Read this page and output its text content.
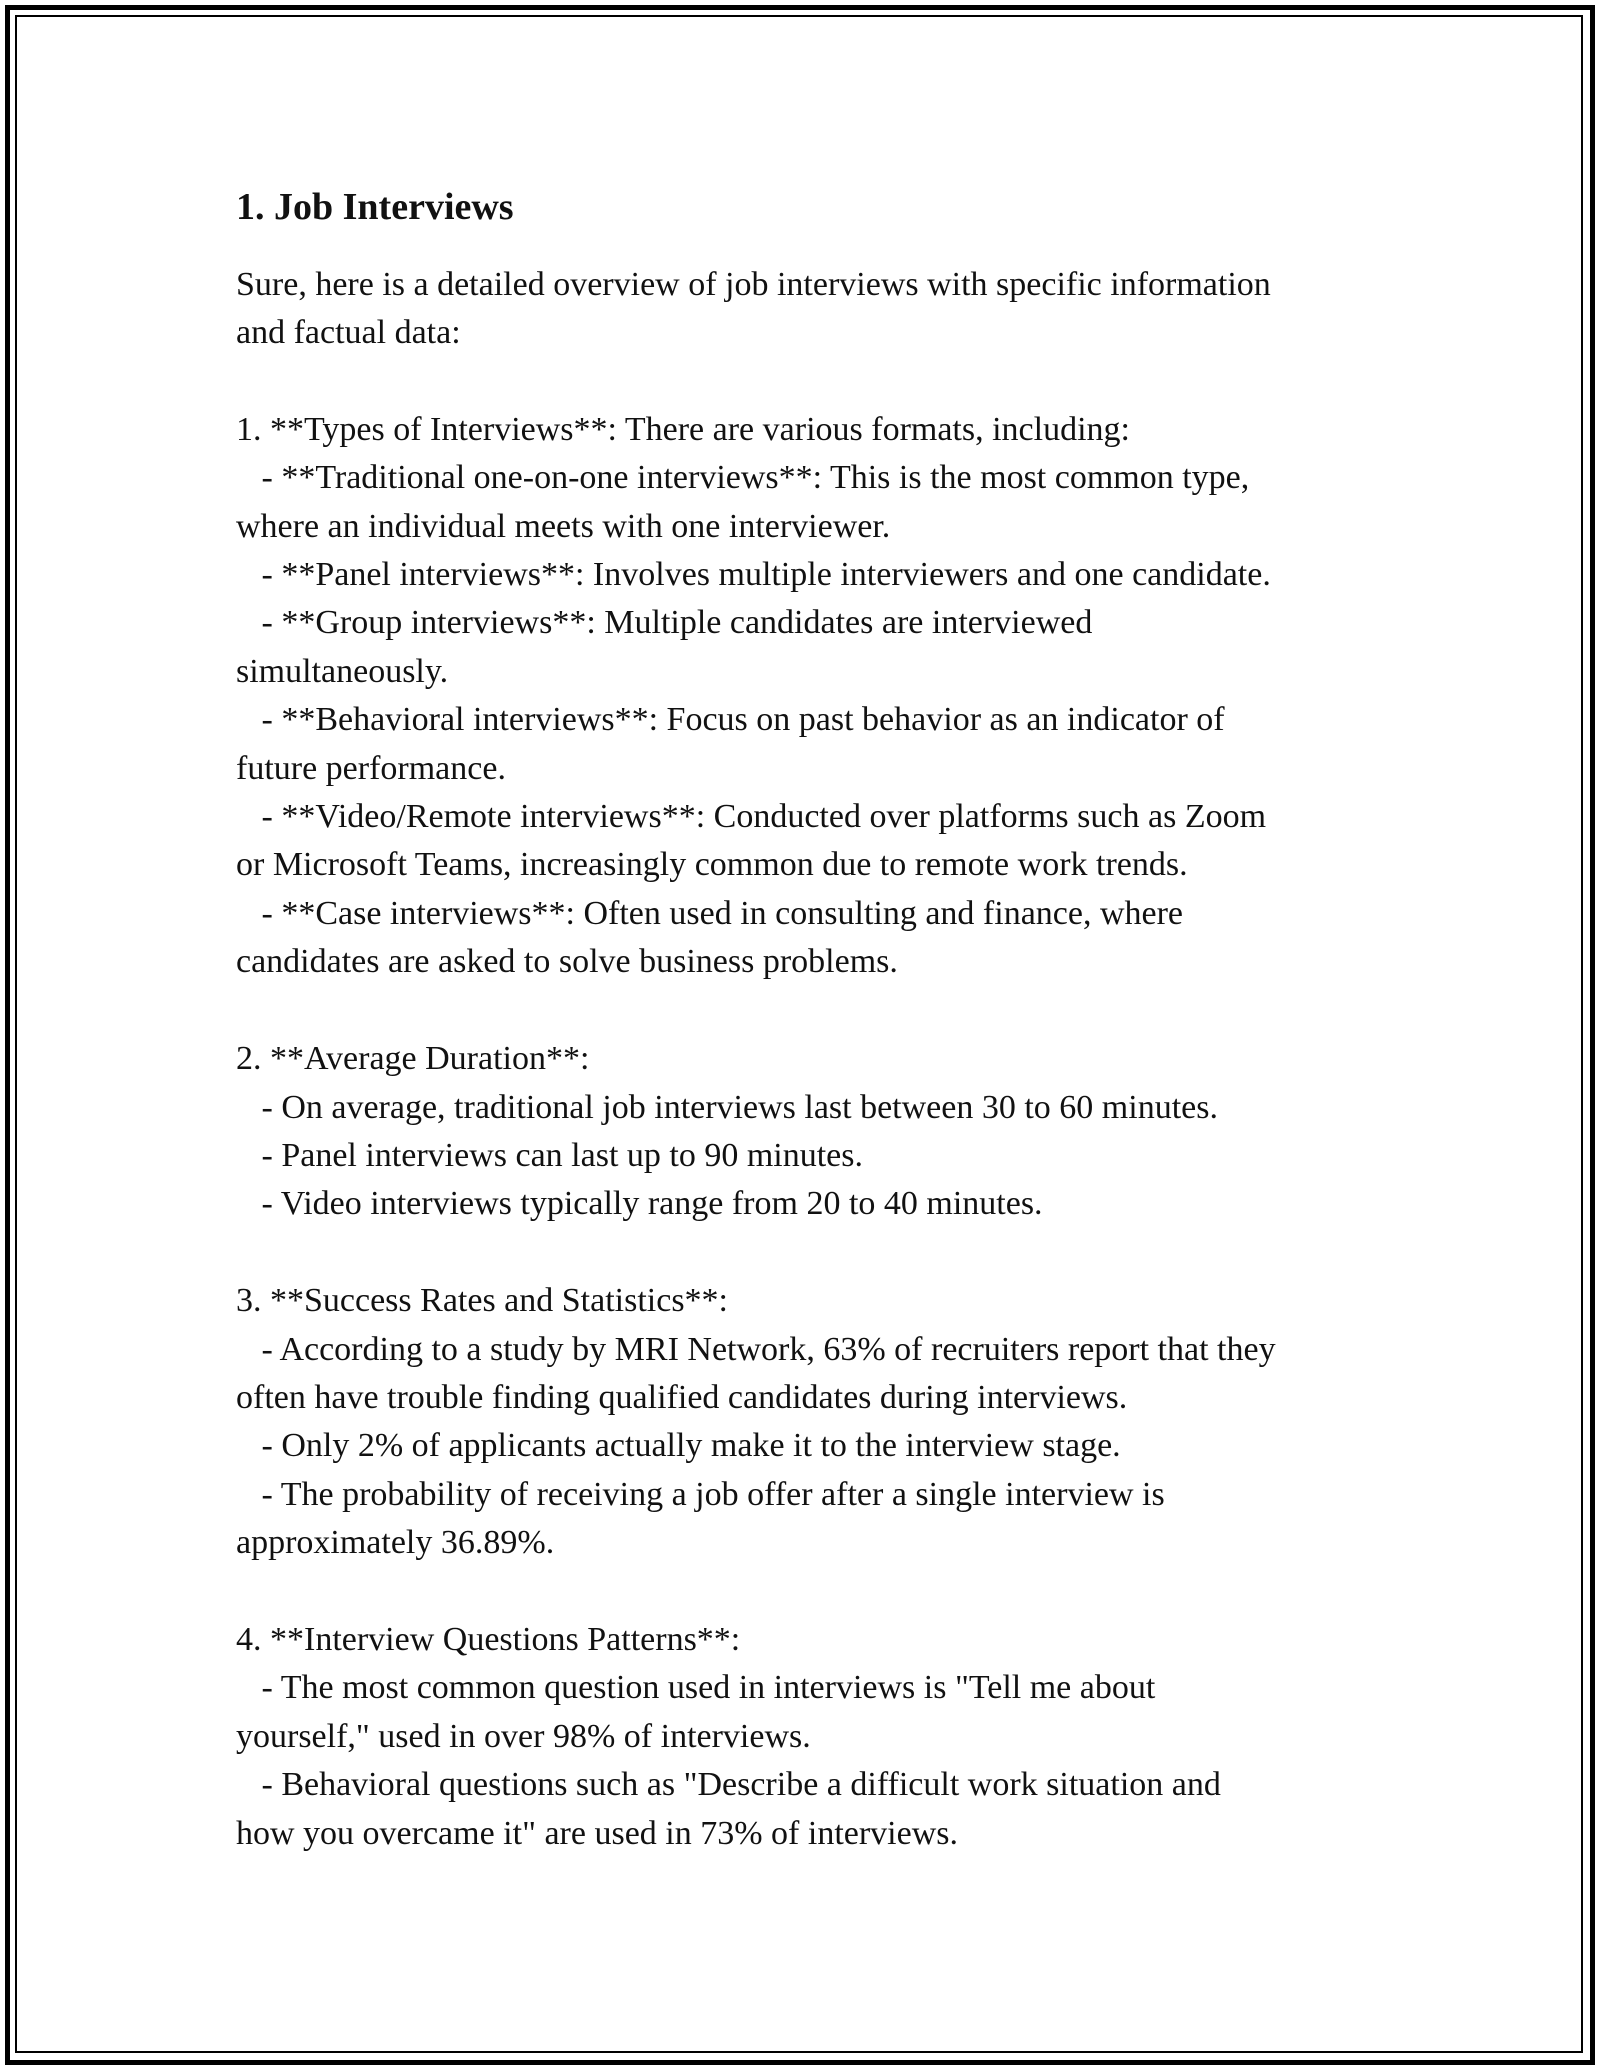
1. Job Interviews

Sure, here is a detailed overview of job interviews with specific information
and factual data:

1. **Types of Interviews**: There are various formats, including:
- **Traditional one-on-one interviews**: This is the most common type,
where an individual meets with one interviewer.
- **Panel interviews**: Involves multiple interviewers and one candidate.
- **Group interviews**: Multiple candidates are interviewed
simultaneously.
- **Behavioral interviews**: Focus on past behavior as an indicator of
future performance.
- **Video/Remote interviews**: Conducted over platforms such as Zoom
or Microsoft Teams, increasingly common due to remote work trends.
- **Case interviews**: Often used in consulting and finance, where
candidates are asked to solve business problems.

2. **Average Duration**:
- On average, traditional job interviews last between 30 to 60 minutes.
- Panel interviews can last up to 90 minutes.
- Video interviews typically range from 20 to 40 minutes.

3. **Success Rates and Statistics**:
- According to a study by MRI Network, 63% of recruiters report that they
often have trouble finding qualified candidates during interviews.
- Only 2% of applicants actually make it to the interview stage.
- The probability of receiving a job offer after a single interview is
approximately 36.89%.

4. **Interview Questions Patterns**:
- The most common question used in interviews is "Tell me about
yourself," used in over 98% of interviews.
- Behavioral questions such as "Describe a difficult work situation and
how you overcame it" are used in 73% of interviews.
